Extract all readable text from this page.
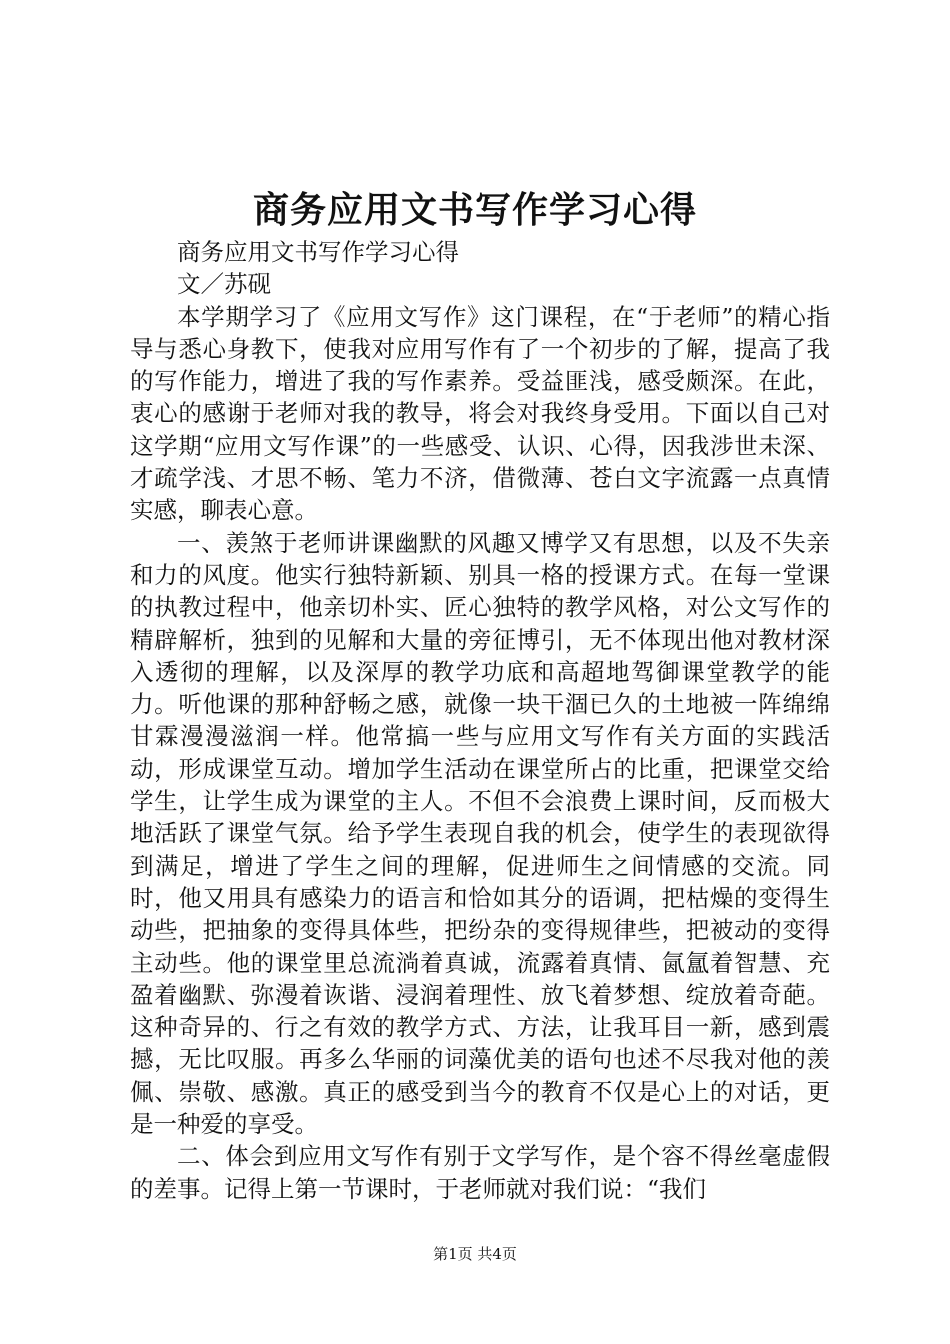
商务应用文书写作学习心得

商务应用文书写作学习心得

文／苏砚

本学期学习了《应用文写作》这门课程，在“于老师”的精心指导与悉心身教下，使我对应用写作有了一个初步的了解，提高了我的写作能力，增进了我的写作素养。受益匪浅，感受颇深。在此，衷心的感谢于老师对我的教导，将会对我终身受用。下面以自己对这学期“应用文写作课”的一些感受、认识、心得，因我涉世未深、才疏学浅、才思不畅、笔力不济，借微薄、苍白文字流露一点真情实感，聊表心意。

一、羡煞于老师讲课幽默的风趣又博学又有思想，以及不失亲和力的风度。他实行独特新颖、别具一格的授课方式。在每一堂课的执教过程中，他亲切朴实、匠心独特的教学风格，对公文写作的精辟解析，独到的见解和大量的旁征博引，无不体现出他对教材深入透彻的理解，以及深厚的教学功底和高超地驾御课堂教学的能力。听他课的那种舒畅之感，就像一块干涸已久的土地被一阵绵绵甘霖漫漫滋润一样。他常搞一些与应用文写作有关方面的实践活动，形成课堂互动。增加学生活动在课堂所占的比重，把课堂交给学生，让学生成为课堂的主人。不但不会浪费上课时间，反而极大地活跃了课堂气氛。给予学生表现自我的机会，使学生的表现欲得到满足，增进了学生之间的理解，促进师生之间情感的交流。同时，他又用具有感染力的语言和恰如其分的语调，把枯燥的变得生动些，把抽象的变得具体些，把纷杂的变得规律些，把被动的变得主动些。他的课堂里总流淌着真诚，流露着真情、氤氲着智慧、充盈着幽默、弥漫着诙谐、浸润着理性、放飞着梦想、绽放着奇葩。这种奇异的、行之有效的教学方式、方法，让我耳目一新，感到震撼，无比叹服。再多么华丽的词藻优美的语句也述不尽我对他的羡佩、崇敬、感激。真正的感受到当今的教育不仅是心上的对话，更是一种爱的享受。

二、体会到应用文写作有别于文学写作，是个容不得丝毫虚假的差事。记得上第一节课时，于老师就对我们说：“我们

第1页 共4页
